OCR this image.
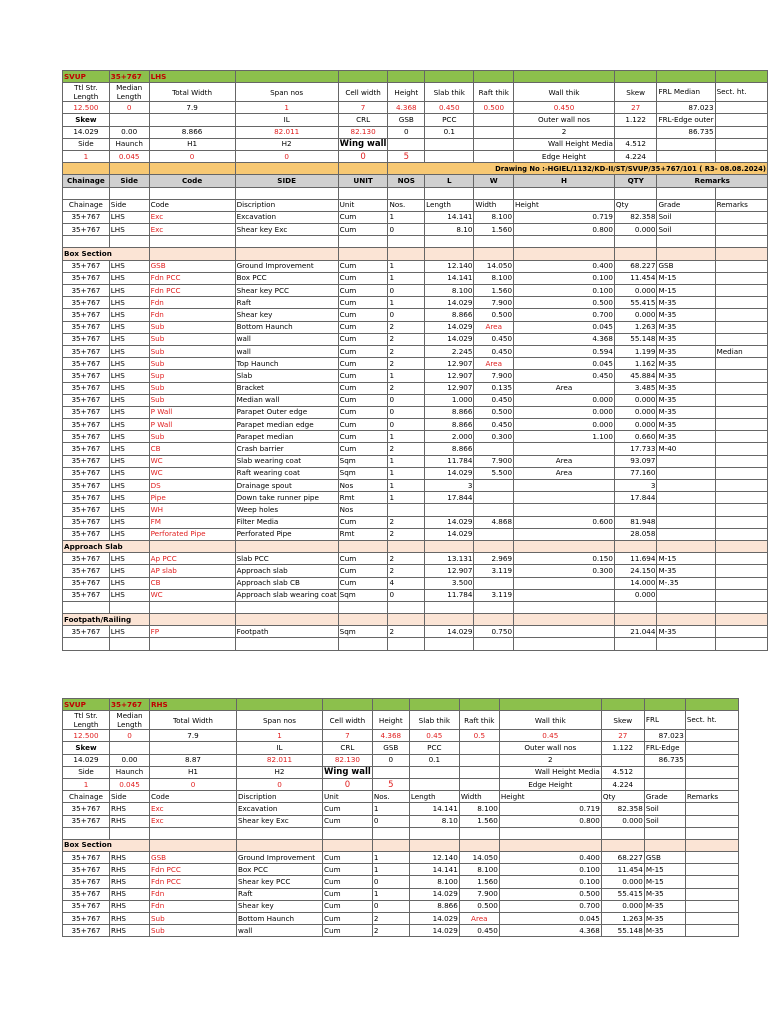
SVUP	35+767	LHS									
Ttl Str. Length	Median Length	Total Width	Span nos	Cell width	Height	Slab thik	Raft thik	Wall thik	Skew	FRL Median	Sect. ht.
12.500	0	7.9	1	7	4.368	0.450	0.500	0.450	27	87.023	
Skew			IL	CRL	GSB	PCC		Outer wall nos	1.122	FRL-Edge outer	
14.029	0.00	8.866	82.011	82.130	0	0.1		2		86.735	
Side	Haunch	H1	H2	Wing wall				Wall Height Media	4.512		
1	0.045	0	0	0	5			Edge Height	4.224		
					Drawing No :-HGIEL/1132/KD-II/ST/SVUP/35+767/101 ( R3- 08.08.2024)						
Chainage	Side	Code	SIDE	UNIT	NOS	L	W	H	QTY	Remarks	

Chainage	Side	Code	Discription	Unit	Nos.	Length	Width	Height	Qty	Grade	Remarks
35+767	LHS	Exc	Excavation	Cum	1	14.141	8.100	0.719	82.358	Soil	
35+767	LHS	Exc	Shear key Exc	Cum	0	8.10	1.560	0.800	0.000	Soil	

Box Section											
35+767	LHS	GSB	Ground Improvement	Cum	1	12.140	14.050	0.400	68.227	GSB	
35+767	LHS	Fdn PCC	Box PCC	Cum	1	14.141	8.100	0.100	11.454	M-15	
35+767	LHS	Fdn PCC	Shear key PCC	Cum	0	8.100	1.560	0.100	0.000	M-15	
35+767	LHS	Fdn	Raft	Cum	1	14.029	7.900	0.500	55.415	M-35	
35+767	LHS	Fdn	Shear key	Cum	0	8.866	0.500	0.700	0.000	M-35	
35+767	LHS	Sub	Bottom Haunch	Cum	2	14.029	Area	0.045	1.263	M-35	
35+767	LHS	Sub	wall	Cum	2	14.029	0.450	4.368	55.148	M-35	
35+767	LHS	Sub	wall	Cum	2	2.245	0.450	0.594	1.199	M-35	Median
35+767	LHS	Sub	Top Haunch	Cum	2	12.907	Area	0.045	1.162	M-35	
35+767	LHS	Sup	Slab	Cum	1	12.907	7.900	0.450	45.884	M-35	
35+767	LHS	Sub	Bracket	Cum	2	12.907	0.135	Area	3.485	M-35	
35+767	LHS	Sub	Median wall	Cum	0	1.000	0.450	0.000	0.000	M-35	
35+767	LHS	P Wall	Parapet Outer edge	Cum	0	8.866	0.500	0.000	0.000	M-35	
35+767	LHS	P Wall	Parapet median edge	Cum	0	8.866	0.450	0.000	0.000	M-35	
35+767	LHS	Sub	Parapet median	Cum	1	2.000	0.300	1.100	0.660	M-35	
35+767	LHS	CB	Crash barrier	Cum	2	8.866			17.733	M-40	
35+767	LHS	WC	Slab wearing coat	Sqm	1	11.784	7.900	Area	93.097		
35+767	LHS	WC	Raft wearing coat	Sqm	1	14.029	5.500	Area	77.160		
35+767	LHS	DS	Drainage spout	Nos	1	3			3		
35+767	LHS	Pipe	Down take runner pipe	Rmt	1	17.844			17.844		
35+767	LHS	WH	Weep holes	Nos							
35+767	LHS	FM	Filter Media	Cum	2	14.029	4.868	0.600	81.948		
35+767	LHS	Perforated Pipe	Perforated Pipe	Rmt	2	14.029			28.058		
Approach Slab											
35+767	LHS	Ap PCC	Slab PCC	Cum	2	13.131	2.969	0.150	11.694	M-15	
35+767	LHS	AP slab	Approach slab	Cum	2	12.907	3.119	0.300	24.150	M-35	
35+767	LHS	CB	Approach slab CB	Cum	4	3.500			14.000	M-.35	
35+767	LHS	WC	Approach slab wearing coat	Sqm	0	11.784	3.119		0.000		

Footpath/Railing											
35+767	LHS	FP	Footpath	Sqm	2	14.029	0.750		21.044	M-35	

SVUP	35+767	RHS									
Ttl Str. Length	Median Length	Total Width	Span nos	Cell width	Height	Slab thik	Raft thik	Wall thik	Skew	FRL	Sect. ht.
12.500	0	7.9	1	7	4.368	0.45	0.5	0.45	27	87.023	
Skew			IL	CRL	GSB	PCC		Outer wall nos	1.122	FRL-Edge	
14.029	0.00	8.87	82.011	82.130	0	0.1		2		86.735	
Side	Haunch	H1	H2	Wing wall				Wall Height Media	4.512		
1	0.045	0	0	0	5			Edge Height	4.224		
Chainage	Side	Code	Discription	Unit	Nos.	Length	Width	Height	Qty	Grade	Remarks
35+767	RHS	Exc	Excavation	Cum	1	14.141	8.100	0.719	82.358	Soil	
35+767	RHS	Exc	Shear key Exc	Cum	0	8.10	1.560	0.800	0.000	Soil	

Box Section											
35+767	RHS	GSB	Ground Improvement	Cum	1	12.140	14.050	0.400	68.227	GSB	
35+767	RHS	Fdn PCC	Box PCC	Cum	1	14.141	8.100	0.100	11.454	M-15	
35+767	RHS	Fdn PCC	Shear key PCC	Cum	0	8.100	1.560	0.100	0.000	M-15	
35+767	RHS	Fdn	Raft	Cum	1	14.029	7.900	0.500	55.415	M-35	
35+767	RHS	Fdn	Shear key	Cum	0	8.866	0.500	0.700	0.000	M-35	
35+767	RHS	Sub	Bottom Haunch	Cum	2	14.029	Area	0.045	1.263	M-35	
35+767	RHS	Sub	wall	Cum	2	14.029	0.450	4.368	55.148	M-35	
